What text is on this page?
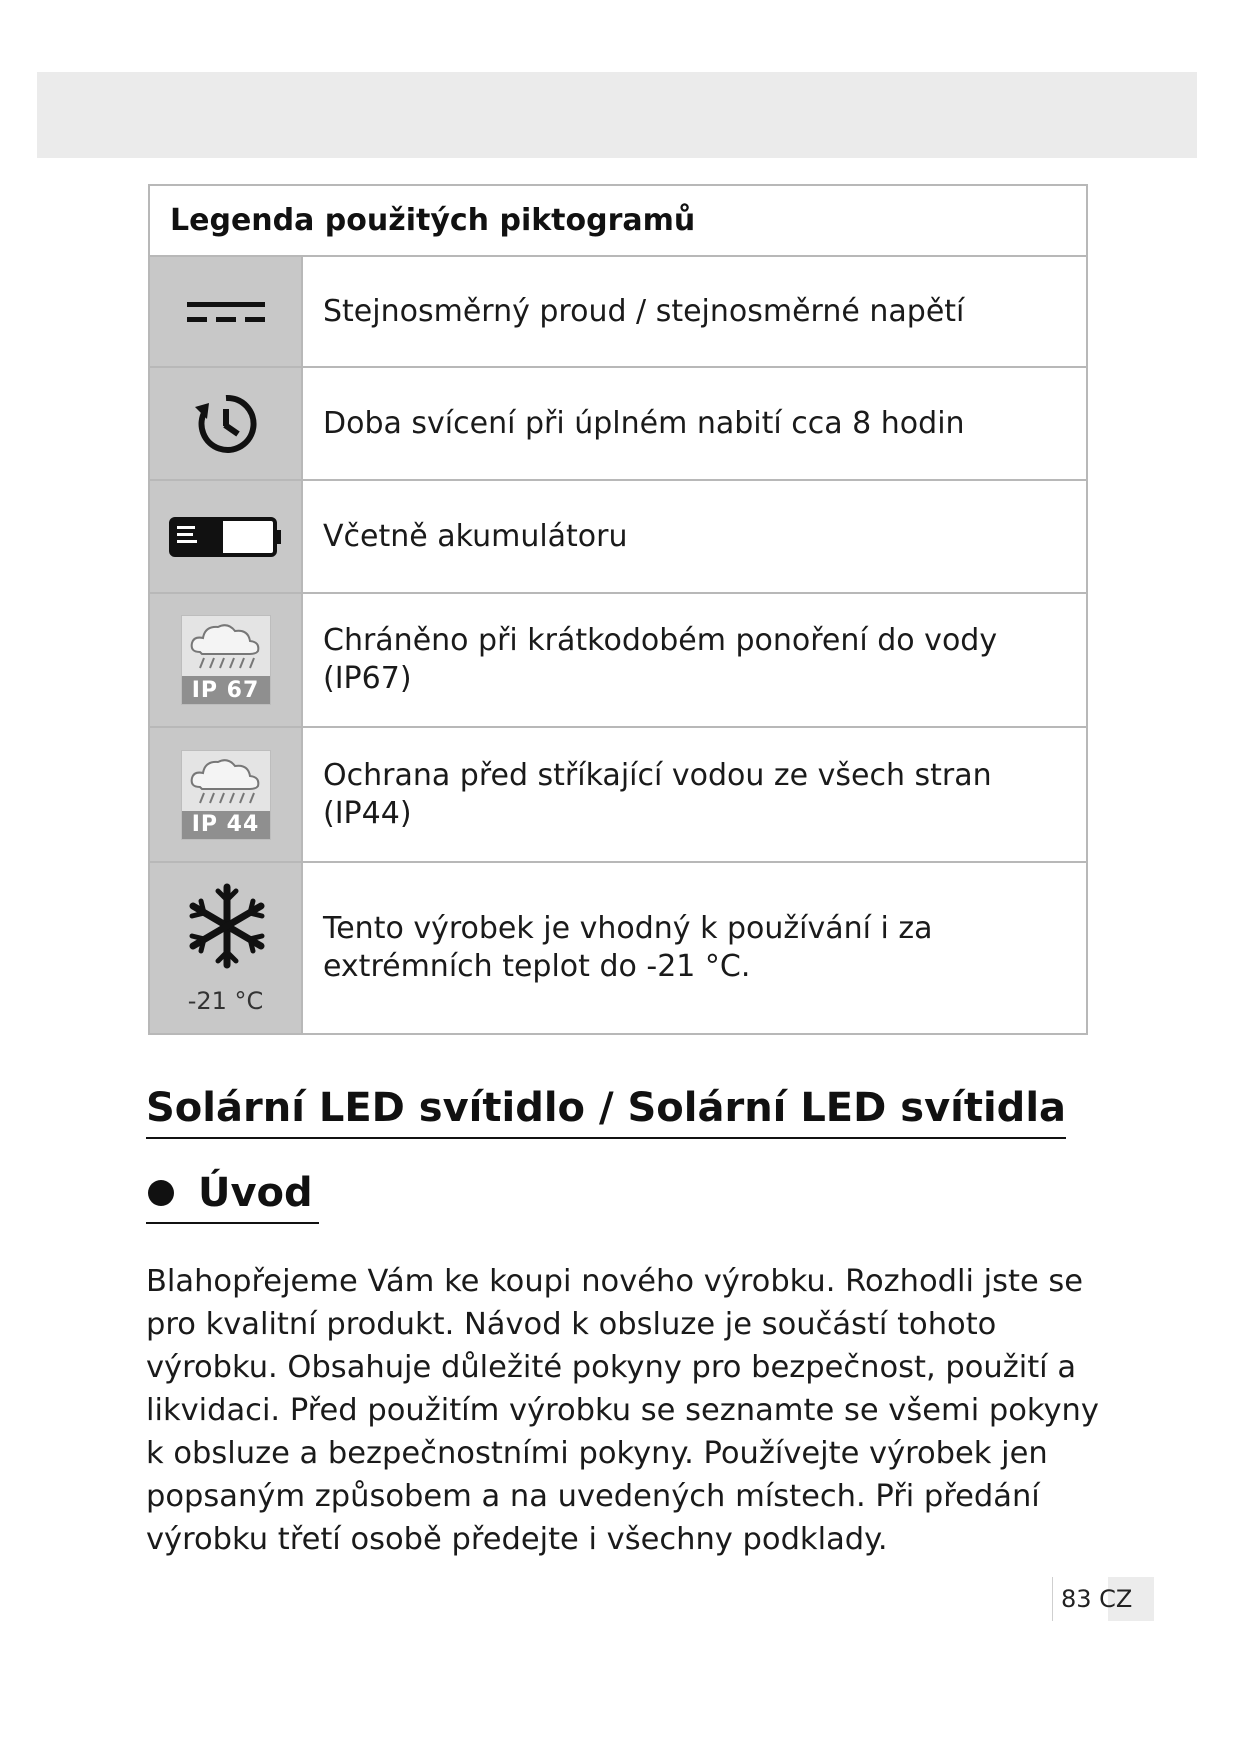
Legenda použitých piktogramů
Stejnosměrný proud / stejnosměrné napětí
Doba svícení při úplném nabití cca 8 hodin
Včetně akumulátoru
IP 67
Chráněno při krátkodobém ponoření do vody (IP67)
IP 44
Ochrana před stříkající vodou ze všech stran (IP44)
-21 °C
Tento výrobek je vhodný k používání i za extrémních teplot do -21 °C.
Solární LED svítidlo / Solární LED svítidla
Úvod
Blahopřejeme Vám ke koupi nového výrobku. Rozhodli jste se pro kvalitní produkt. Návod k obsluze je součástí tohoto výrobku. Obsahuje důležité pokyny pro bezpečnost, použití a likvidaci. Před použitím výrobku se seznamte se všemi pokyny k obsluze a bezpečnostními pokyny. Používejte výrobek jen popsaným způsobem a na uvedených místech. Při předání výrobku třetí osobě předejte i všechny podklady.
83 CZ
